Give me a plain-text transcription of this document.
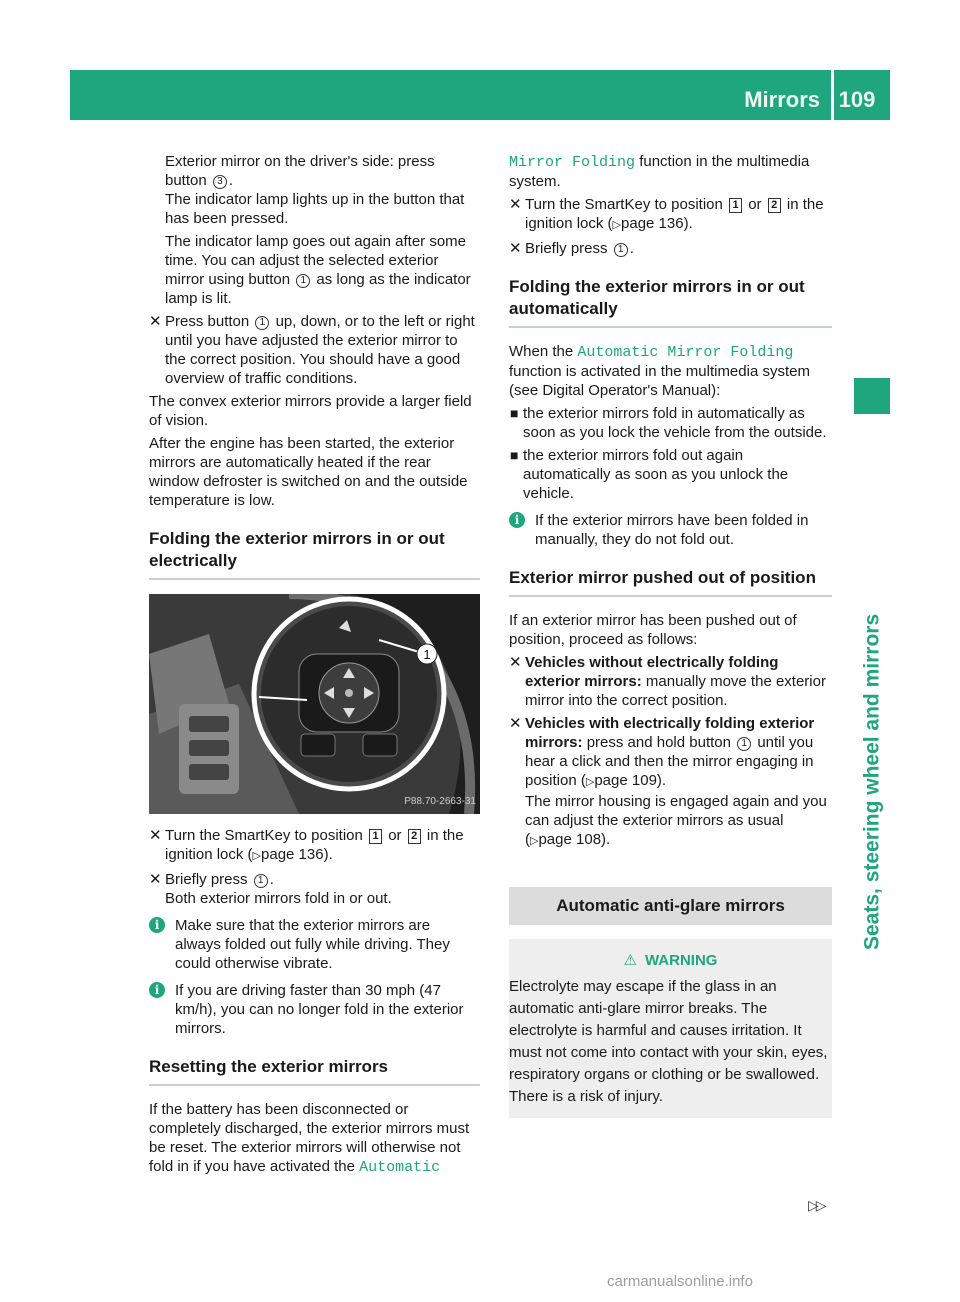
Mirrors 109
Seats, steering wheel and mirrors

Exterior mirror on the driver's side: press button 3 .
The indicator lamp lights up in the button that has been pressed.

The indicator lamp goes out again after some time. You can adjust the selected exterior mirror using button 1 as long as the indicator lamp is lit.

✕ Press button 1 up, down, or to the left or right until you have adjusted the exterior mirror to the correct position. You should have a good overview of traffic conditions.

The convex exterior mirrors provide a larger field of vision.

After the engine has been started, the exterior mirrors are automatically heated if the rear window defroster is switched on and the outside temperature is low.

Folding the exterior mirrors in or out electrically
1
P88.70-2663-31
✕ Turn the SmartKey to position 1 or 2 in the ignition lock (▷page 136).
✕ Briefly press 1 .
Both exterior mirrors fold in or out.
i	Make sure that the exterior mirrors are always folded out fully while driving. They could otherwise vibrate.
i	If you are driving faster than 30 mph (47 km/h), you can no longer fold in the exterior mirrors.
Resetting the exterior mirrors

If the battery has been disconnected or completely discharged, the exterior mirrors must be reset. The exterior mirrors will otherwise not fold in if you have activated the Automatic

Mirror Folding function in the multimedia system.

✕ Turn the SmartKey to position 1 or 2 in the ignition lock (▷page 136).
✕ Briefly press 1 .
Folding the exterior mirrors in or out automatically

When the Automatic Mirror Folding function is activated in the multimedia system (see Digital Operator's Manual):

■ the exterior mirrors fold in automatically as soon as you lock the vehicle from the outside.
■ the exterior mirrors fold out again automatically as soon as you unlock the vehicle.
i	If the exterior mirrors have been folded in manually, they do not fold out.
Exterior mirror pushed out of position

If an exterior mirror has been pushed out of position, proceed as follows:

✕ Vehicles without electrically folding exterior mirrors: manually move the exterior mirror into the correct position.
✕ Vehicles with electrically folding exterior mirrors: press and hold button 1 until you hear a click and then the mirror engaging in position (▷page 109).
The mirror housing is engaged again and you can adjust the exterior mirrors as usual (▷page 108).
Automatic anti-glare mirrors
⚠ WARNING
Electrolyte may escape if the glass in an automatic anti-glare mirror breaks. The electrolyte is harmful and causes irritation. It must not come into contact with your skin, eyes, respiratory organs or clothing or be swallowed. There is a risk of injury.
▷▷
carmanualsonline.info
